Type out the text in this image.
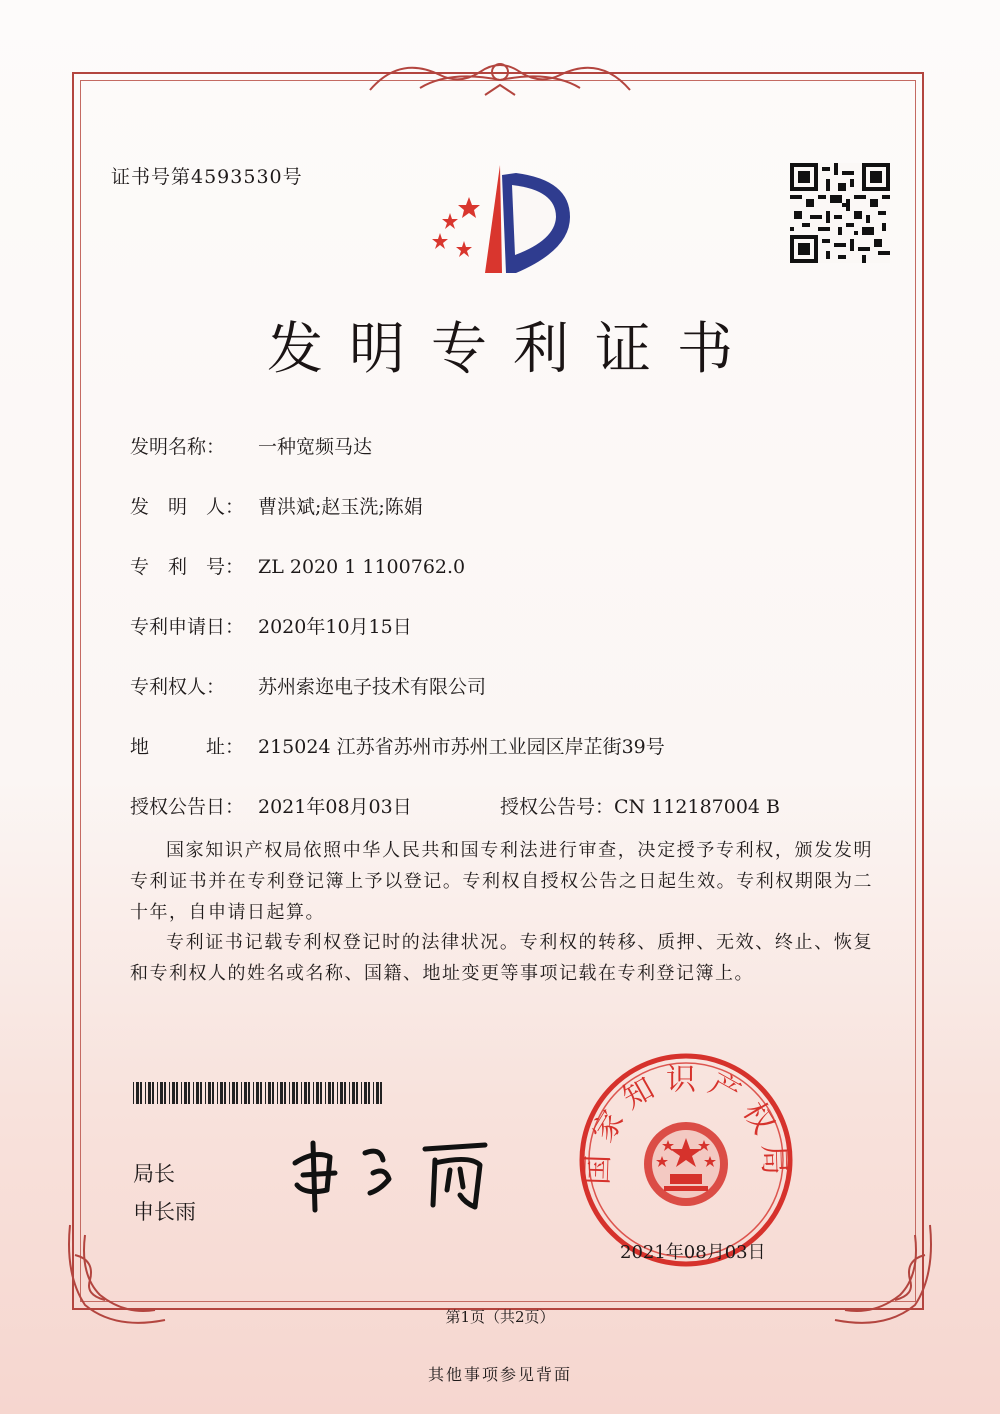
证书号第4593530号
发明专利证书
发明名称： 一种宽频马达
发　明　人： 曹洪斌;赵玉洗;陈娟
专　利　号： ZL 2020 1 1100762.0
专利申请日： 2020年10月15日
专利权人： 苏州索迩电子技术有限公司
地　　　址： 215024 江苏省苏州市苏州工业园区岸芷街39号
授权公告日： 2021年08月03日	授权公告号：CN 112187004 B
国家知识产权局依照中华人民共和国专利法进行审查，决定授予专利权，颁发发明专利证书并在专利登记簿上予以登记。专利权自授权公告之日起生效。专利权期限为二十年，自申请日起算。
专利证书记载专利权登记时的法律状况。专利权的转移、质押、无效、终止、恢复和专利权人的姓名或名称、国籍、地址变更等事项记载在专利登记簿上。
局长
申长雨
国家知识产权局
2021年08月03日
第1页（共2页）
其他事项参见背面
